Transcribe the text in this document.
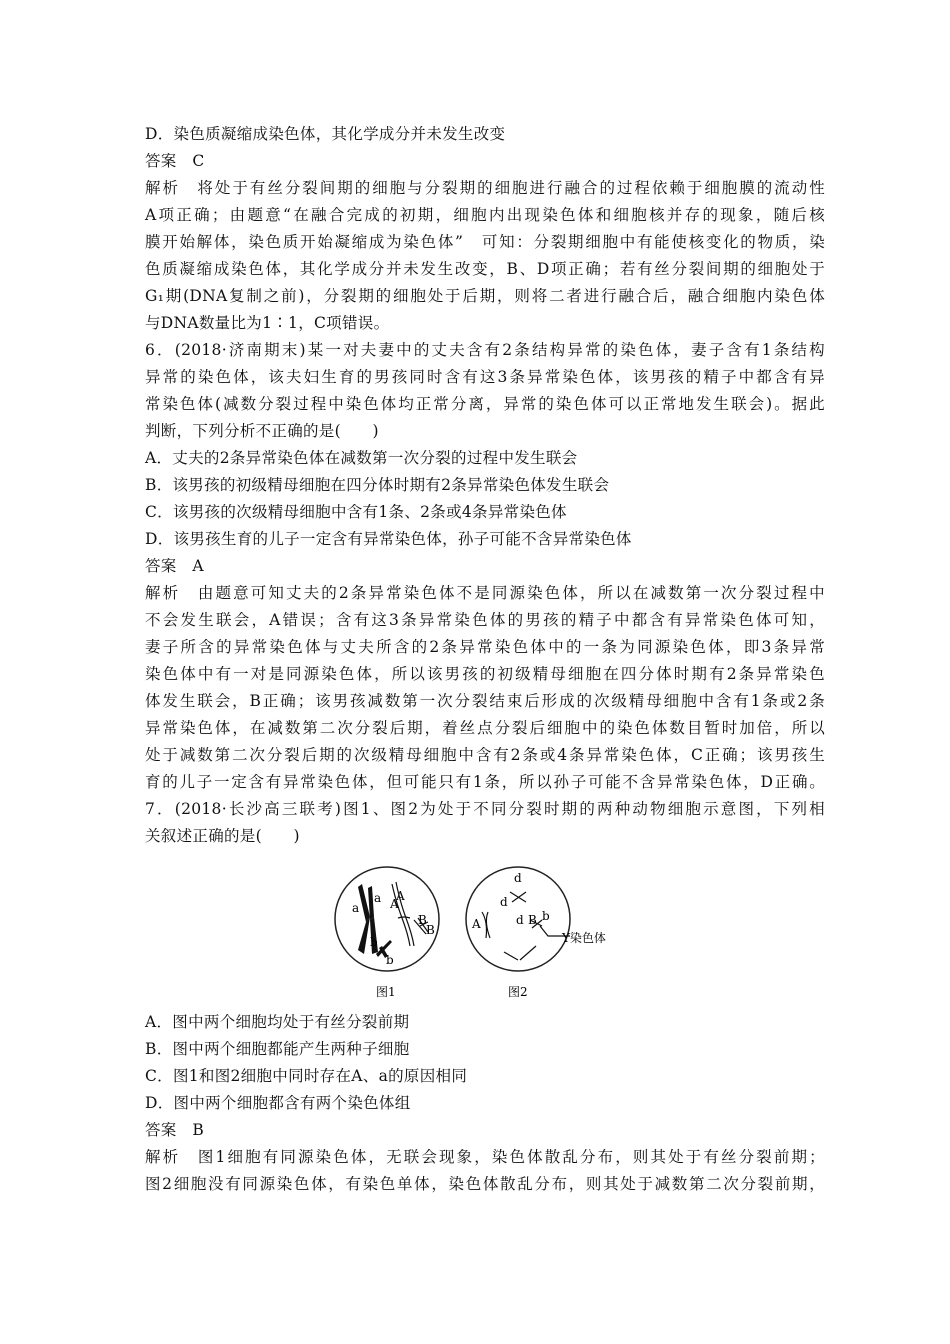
D．染色质凝缩成染色体，其化学成分并未发生改变
答案　C
解析　将处于有丝分裂间期的细胞与分裂期的细胞进行融合的过程依赖于细胞膜的流动性
A项正确；由题意“在融合完成的初期，细胞内出现染色体和细胞核并存的现象，随后核
膜开始解体，染色质开始凝缩成为染色体”　可知：分裂期细胞中有能使核变化的物质，染
色质凝缩成染色体，其化学成分并未发生改变，B、D项正确；若有丝分裂间期的细胞处于
G₁期(DNA复制之前)，分裂期的细胞处于后期，则将二者进行融合后，融合细胞内染色体
与DNA数量比为1∶1，C项错误。
6．(2018·济南期末)某一对夫妻中的丈夫含有2条结构异常的染色体，妻子含有1条结构
异常的染色体，该夫妇生育的男孩同时含有这3条异常染色体，该男孩的精子中都含有异
常染色体(减数分裂过程中染色体均正常分离，异常的染色体可以正常地发生联会)。据此
判断，下列分析不正确的是(　　)
A．丈夫的2条异常染色体在减数第一次分裂的过程中发生联会
B．该男孩的初级精母细胞在四分体时期有2条异常染色体发生联会
C．该男孩的次级精母细胞中含有1条、2条或4条异常染色体
D．该男孩生育的儿子一定含有异常染色体，孙子可能不含异常染色体
答案　A
解析　由题意可知丈夫的2条异常染色体不是同源染色体，所以在减数第一次分裂过程中
不会发生联会，A错误；含有这3条异常染色体的男孩的精子中都含有异常染色体可知，
妻子所含的异常染色体与丈夫所含的2条异常染色体中的一条为同源染色体，即3条异常
染色体中有一对是同源染色体，所以该男孩的初级精母细胞在四分体时期有2条异常染色
体发生联会，B正确；该男孩减数第一次分裂结束后形成的次级精母细胞中含有1条或2条
异常染色体，在减数第二次分裂后期，着丝点分裂后细胞中的染色体数目暂时加倍，所以
处于减数第二次分裂后期的次级精母细胞中含有2条或4条异常染色体，C正确；该男孩生
育的儿子一定含有异常染色体，但可能只有1条，所以孙子可能不含异常染色体，D正确。
7．(2018·长沙高三联考)图1、图2为处于不同分裂时期的两种动物细胞示意图，下列相
关叙述正确的是(　　)
A．图中两个细胞均处于有丝分裂前期
B．图中两个细胞都能产生两种子细胞
C．图1和图2细胞中同时存在A、a的原因相同
D．图中两个细胞都含有两个染色体组
答案　B
解析　图1细胞有同源染色体，无联会现象，染色体散乱分布，则其处于有丝分裂前期；
图2细胞没有同源染色体，有染色单体，染色体散乱分布，则其处于减数第二次分裂前期，
a
a A
A
B
B
b
b
图1
d
d
d
A	B b
Y染色体
图2
